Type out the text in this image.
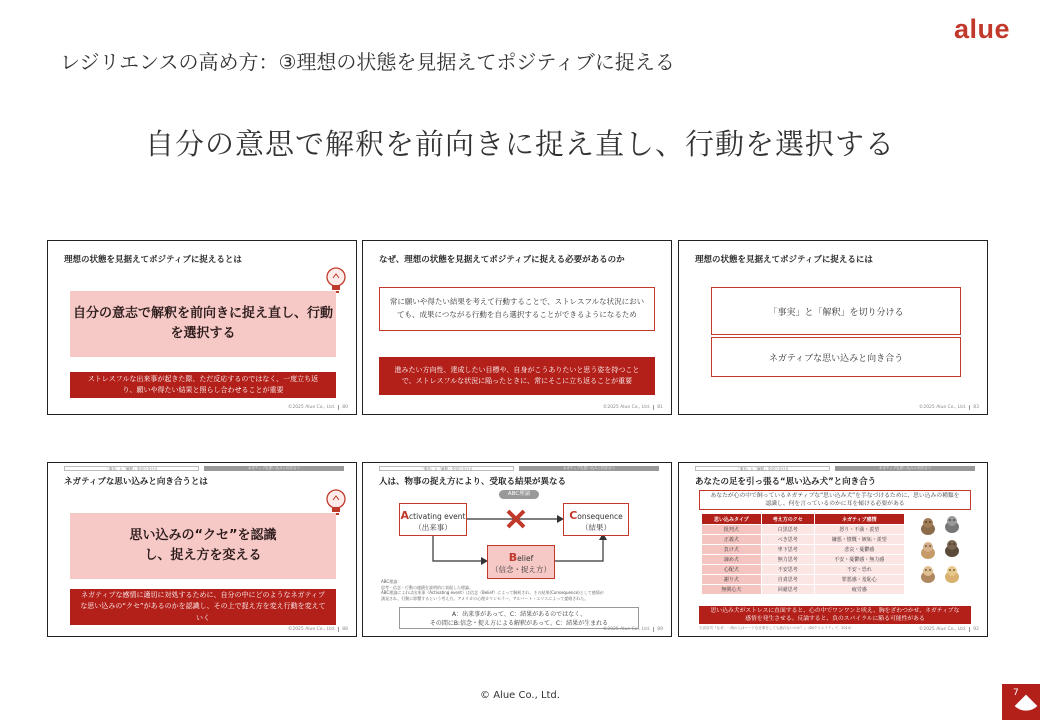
alue
レジリエンスの高め方：③理想の状態を見据えてポジティブに捉える
自分の意思で解釈を前向きに捉え直し、行動を選択する
理想の状態を見据えてポジティブに捉えるとは
自分の意志で解釈を前向きに捉え直し、行動を選択する
ストレスフルな出来事が起きた際、ただ反応するのではなく、一度立ち返り、願いや得たい結果と照らし合わせることが重要
©2025 Alue Co., Ltd. 80
なぜ、理想の状態を見据えてポジティブに捉える必要があるのか
常に願いや得たい結果を考えて行動することで、ストレスフルな状況においても、成果につながる行動を自ら選択することができるようになるため
進みたい方向性、達成したい目標や、自身がこうありたいと思う姿を持つことで、ストレスフルな状況に陥ったときに、常にそこに立ち返ることが重要
©2025 Alue Co., Ltd. 81
理想の状態を見据えてポジティブに捉えるには
「事実」と「解釈」を切り分ける
ネガティブな思い込みと向き合う
©2025 Alue Co., Ltd. 83
「事実」と「解釈」を切り分ける	ネガティブな思い込みと向き合う
ネガティブな思い込みと向き合うとは
思い込みの“クセ”を認識し、捉え方を変える
ネガティブな感情に適切に対処するために、自分の中にどのようなネガティブな思い込みの“クセ”があるのかを認識し、その上で捉え方を変え行動を変えていく
©2025 Alue Co., Ltd. 88
「事実」と「解釈」を切り分ける	ネガティブな思い込みと向き合う
人は、物事の捉え方により、受取る結果が異なる
ABC理論
Activating event
（出来事）
Consequence
（結果）
Belief
（信念・捉え方）
ABC理論：
思考・信念・行動の連鎖を説明的に表現した理論。
ABC理論によれば出来事（Activating event）は信念（Belief）によって解釈され、その結果(Consequence)として感情が
誘発され、行動に影響するという考え方。アメリカの心理カウンセラー、アルバート・エリスによって提唱された。
A：出来事があって、C：結果があるのではなく、
その間にB:信念・捉え方による解釈があって、C：結果が生まれる
©2025 Alue Co., Ltd. 89
「事実」と「解釈」を切り分ける	ネガティブな思い込みと向き合う
あなたの足を引っ張る“思い込み犬”と向き合う
あなたが心の中で飼っているネガティブな“思い込み犬”を手なづけるために、思い込みの種類を認識し、何を言っているのかに耳を傾ける必要がある
思い込みタイプ	考え方のクセ	ネガティブ感情
批判犬	白黒思考	怒り・不満・羨望
正義犬	べき思考	嫌悪・憤慨・嫉妬・羨望
負け犬	卑下思考	悲哀・憂鬱感
諦め犬	無力思考	不安・憂鬱感・無力感
心配犬	不安思考	不安・恐れ
謝り犬	自責思考	罪悪感・羞恥心
無関心犬	回避思考	疲労感
思い込み犬がストレスに直面すると、心の中でワンワンと吠え、胸をざわつかせ、ネガティブな感情を発生させる。反論すると、負のスパイラルに陥る可能性がある
久世浩司『なぜ、一流の人はハードな仕事をしても疲れないのか？』（SBクリエイティブ、2014）	©2025 Alue Co., Ltd. 92
© Alue Co., Ltd.	7
